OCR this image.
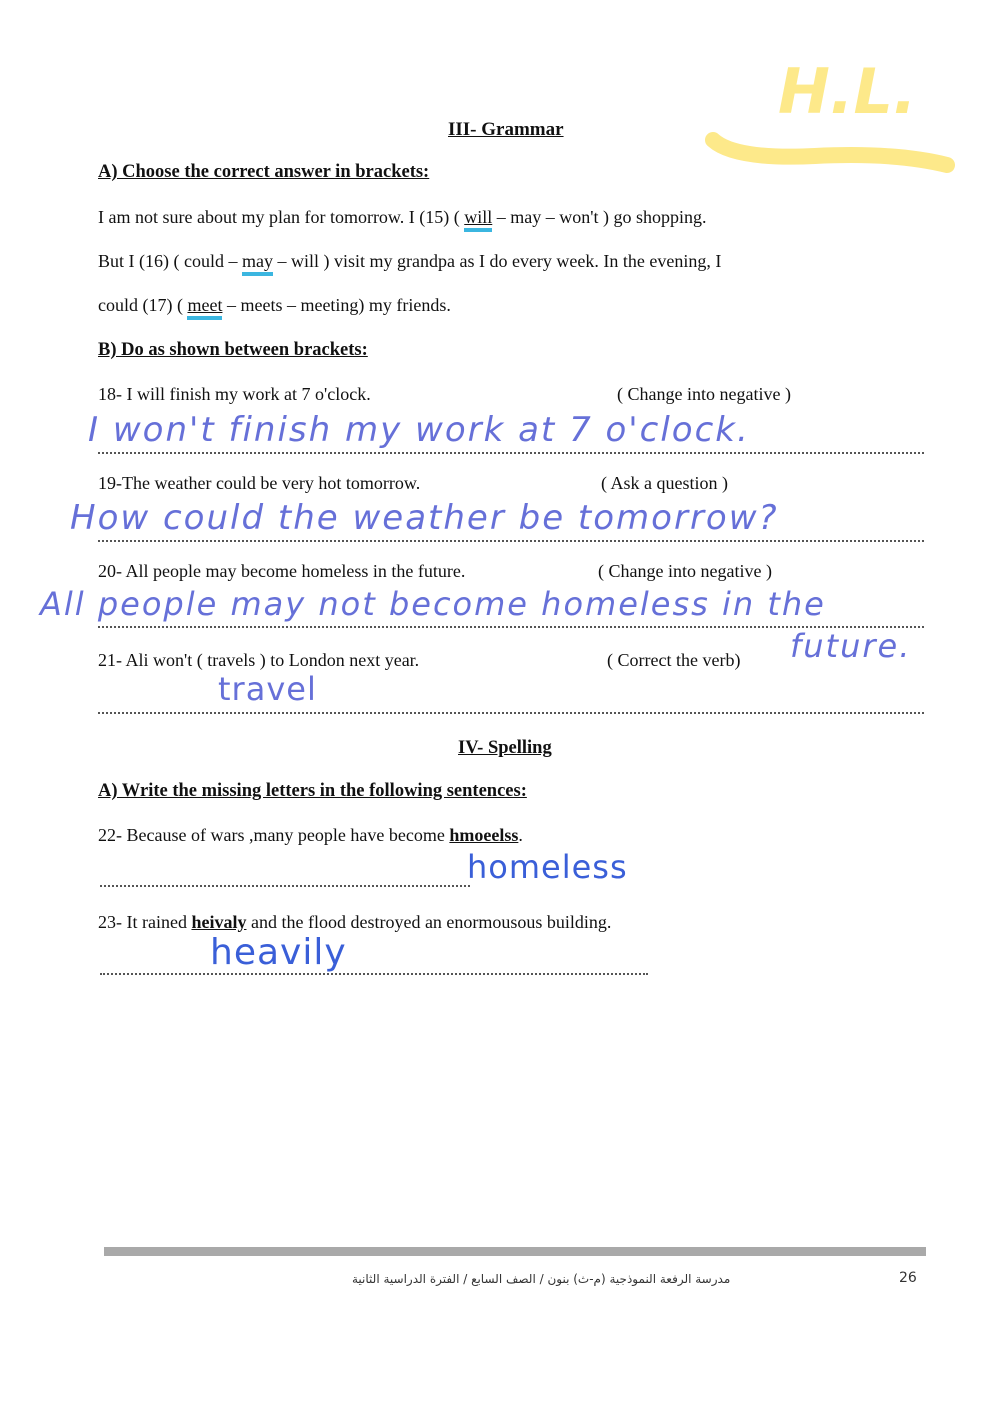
H.L.
III- Grammar
A) Choose the correct answer in brackets:
I am not sure about my plan for tomorrow. I (15) ( will – may – won't ) go shopping.
But I (16) ( could – may – will ) visit my grandpa as I do every week. In the evening, I
could (17) ( meet – meets – meeting) my friends.
B) Do as shown between brackets:
18- I will finish my work at 7 o'clock.	( Change into negative )
I won't finish my work at 7 o'clock.
19-The weather could be very hot tomorrow.	( Ask a question )
How could the weather be tomorrow?
20- All people may become homeless in the future.	( Change into negative )
All people may not become homeless in the
future.
21- Ali won't ( travels ) to London next year.	( Correct the verb)
travel
IV- Spelling
A) Write the missing letters in the following sentences:
22- Because of wars ,many people have become hmoeelss.
homeless
23- It rained heivaly and the flood destroyed an enormousous building.
heavily
مدرسة الرفعة النموذجية (م-ث) بنون / الصف السابع / الفترة الدراسية الثانية	26
